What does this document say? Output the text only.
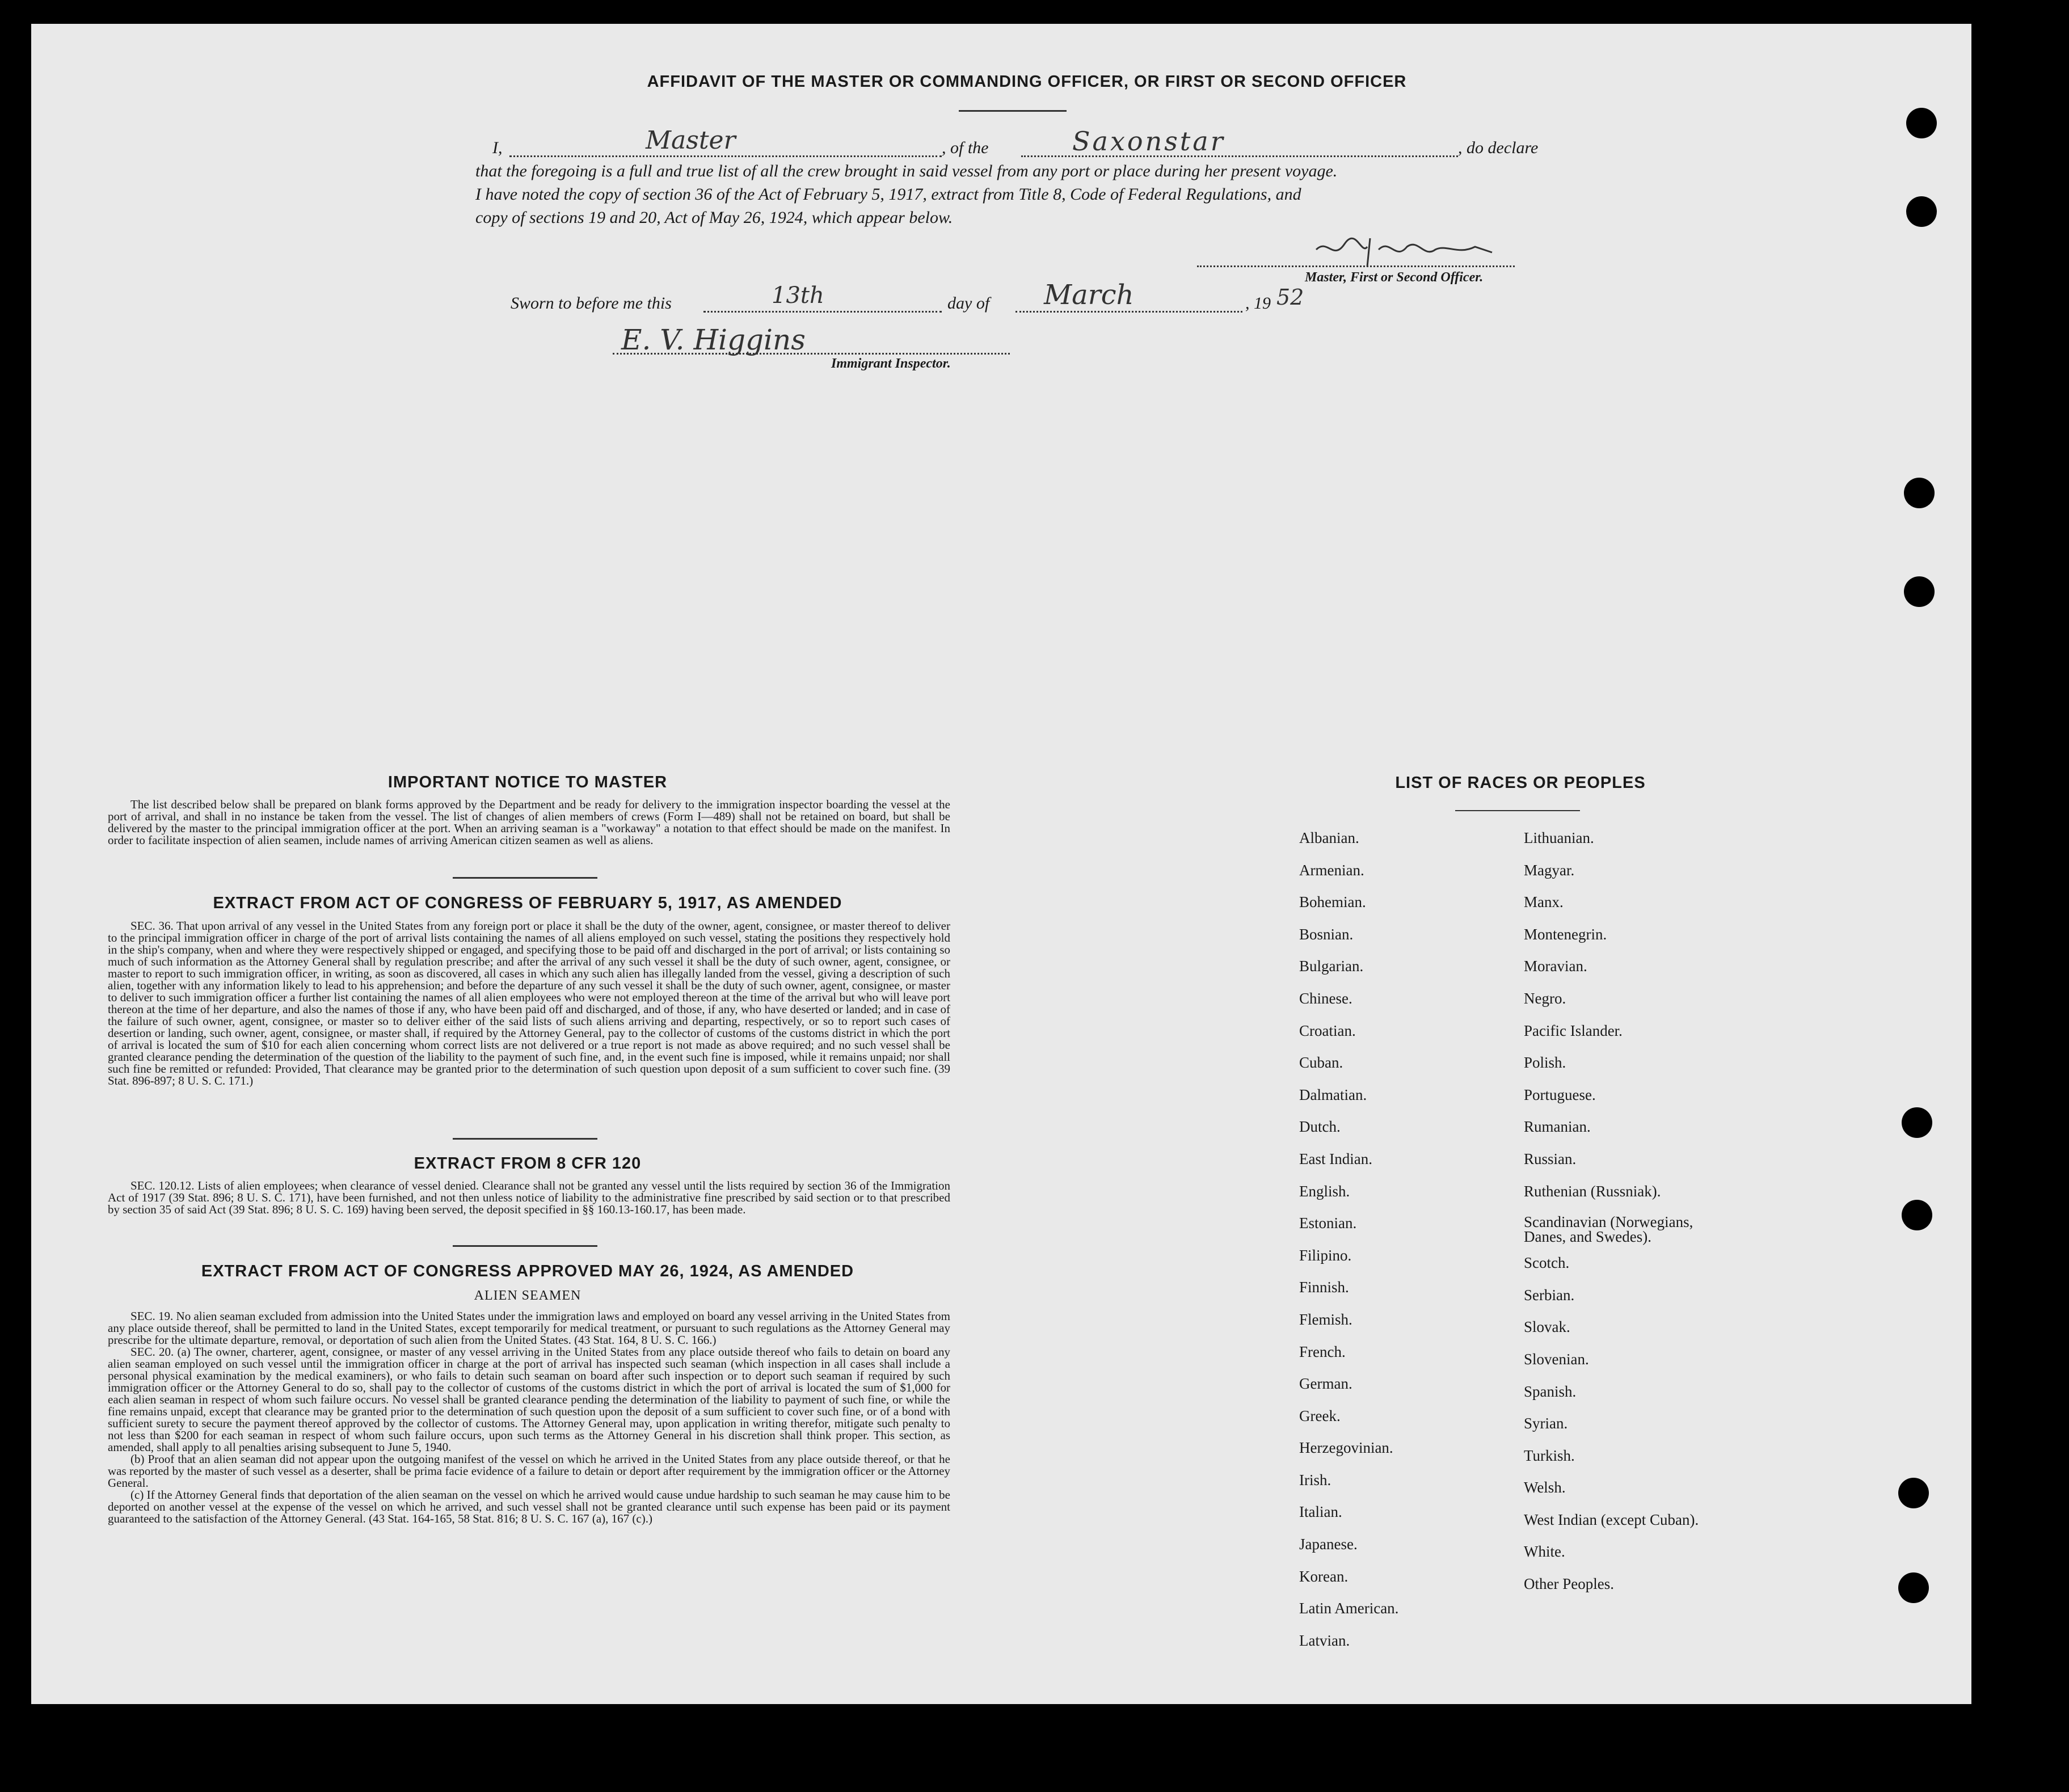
AFFIDAVIT OF THE MASTER OR COMMANDING OFFICER, OR FIRST OR SECOND OFFICER
I,	Master	, of the	Saxonstar	, do declare
that the foregoing is a full and true list of all the crew brought in said vessel from any port or place during her present voyage.
I have noted the copy of section 36 of the Act of February 5, 1917, extract from Title 8, Code of Federal Regulations, and
copy of sections 19 and 20, Act of May 26, 1924, which appear below.
Master, First or Second Officer.
Sworn to before me this	13th	day of March	, 19 52
E. V. Higgins
Immigrant Inspector.
IMPORTANT NOTICE TO MASTER
The list described below shall be prepared on blank forms approved by the Department and be ready for delivery to the immigration inspector boarding the vessel at the port of arrival, and shall in no instance be taken from the vessel. The list of changes of alien members of crews (Form I—489) shall not be retained on board, but shall be delivered by the master to the principal immigration officer at the port. When an arriving seaman is a "workaway" a notation to that effect should be made on the manifest. In order to facilitate inspection of alien seamen, include names of arriving American citizen seamen as well as aliens.
EXTRACT FROM ACT OF CONGRESS OF FEBRUARY 5, 1917, AS AMENDED
SEC. 36. That upon arrival of any vessel in the United States from any foreign port or place it shall be the duty of the owner, agent, consignee, or master thereof to deliver to the principal immigration officer in charge of the port of arrival lists containing the names of all aliens employed on such vessel, stating the positions they respectively hold in the ship's company, when and where they were respectively shipped or engaged, and specifying those to be paid off and discharged in the port of arrival; or lists containing so much of such information as the Attorney General shall by regulation prescribe; and after the arrival of any such vessel it shall be the duty of such owner, agent, consignee, or master to report to such immigration officer, in writing, as soon as discovered, all cases in which any such alien has illegally landed from the vessel, giving a description of such alien, together with any information likely to lead to his apprehension; and before the departure of any such vessel it shall be the duty of such owner, agent, consignee, or master to deliver to such immigration officer a further list containing the names of all alien employees who were not employed thereon at the time of the arrival but who will leave port thereon at the time of her departure, and also the names of those if any, who have been paid off and discharged, and of those, if any, who have deserted or landed; and in case of the failure of such owner, agent, consignee, or master so to deliver either of the said lists of such aliens arriving and departing, respectively, or so to report such cases of desertion or landing, such owner, agent, consignee, or master shall, if required by the Attorney General, pay to the collector of customs of the customs district in which the port of arrival is located the sum of $10 for each alien concerning whom correct lists are not delivered or a true report is not made as above required; and no such vessel shall be granted clearance pending the determination of the question of the liability to the payment of such fine, and, in the event such fine is imposed, while it remains unpaid; nor shall such fine be remitted or refunded: Provided, That clearance may be granted prior to the determination of such question upon deposit of a sum sufficient to cover such fine. (39 Stat. 896-897; 8 U. S. C. 171.)
EXTRACT FROM 8 CFR 120
SEC. 120.12. Lists of alien employees; when clearance of vessel denied. Clearance shall not be granted any vessel until the lists required by section 36 of the Immigration Act of 1917 (39 Stat. 896; 8 U. S. C. 171), have been furnished, and not then unless notice of liability to the administrative fine prescribed by said section or to that prescribed by section 35 of said Act (39 Stat. 896; 8 U. S. C. 169) having been served, the deposit specified in §§ 160.13-160.17, has been made.
EXTRACT FROM ACT OF CONGRESS APPROVED MAY 26, 1924, AS AMENDED
ALIEN SEAMEN
SEC. 19. No alien seaman excluded from admission into the United States under the immigration laws and employed on board any vessel arriving in the United States from any place outside thereof, shall be permitted to land in the United States, except temporarily for medical treatment, or pursuant to such regulations as the Attorney General may prescribe for the ultimate departure, removal, or deportation of such alien from the United States. (43 Stat. 164, 8 U. S. C. 166.)
SEC. 20. (a) The owner, charterer, agent, consignee, or master of any vessel arriving in the United States from any place outside thereof who fails to detain on board any alien seaman employed on such vessel until the immigration officer in charge at the port of arrival has inspected such seaman (which inspection in all cases shall include a personal physical examination by the medical examiners), or who fails to detain such seaman on board after such inspection or to deport such seaman if required by such immigration officer or the Attorney General to do so, shall pay to the collector of customs of the customs district in which the port of arrival is located the sum of $1,000 for each alien seaman in respect of whom such failure occurs. No vessel shall be granted clearance pending the determination of the liability to payment of such fine, or while the fine remains unpaid, except that clearance may be granted prior to the determination of such question upon the deposit of a sum sufficient to cover such fine, or of a bond with sufficient surety to secure the payment thereof approved by the collector of customs. The Attorney General may, upon application in writing therefor, mitigate such penalty to not less than $200 for each seaman in respect of whom such failure occurs, upon such terms as the Attorney General in his discretion shall think proper. This section, as amended, shall apply to all penalties arising subsequent to June 5, 1940.
(b) Proof that an alien seaman did not appear upon the outgoing manifest of the vessel on which he arrived in the United States from any place outside thereof, or that he was reported by the master of such vessel as a deserter, shall be prima facie evidence of a failure to detain or deport after requirement by the immigration officer or the Attorney General.
(c) If the Attorney General finds that deportation of the alien seaman on the vessel on which he arrived would cause undue hardship to such seaman he may cause him to be deported on another vessel at the expense of the vessel on which he arrived, and such vessel shall not be granted clearance until such expense has been paid or its payment guaranteed to the satisfaction of the Attorney General. (43 Stat. 164-165, 58 Stat. 816; 8 U. S. C. 167 (a), 167 (c).)
LIST OF RACES OR PEOPLES
Albanian.
Armenian.
Bohemian.
Bosnian.
Bulgarian.
Chinese.
Croatian.
Cuban.
Dalmatian.
Dutch.
East Indian.
English.
Estonian.
Filipino.
Finnish.
Flemish.
French.
German.
Greek.
Herzegovinian.
Irish.
Italian.
Japanese.
Korean.
Latin American.
Latvian.
Lithuanian.
Magyar.
Manx.
Montenegrin.
Moravian.
Negro.
Pacific Islander.
Polish.
Portuguese.
Rumanian.
Russian.
Ruthenian (Russniak).
Scandinavian (Norwegians, Danes, and Swedes).
Scotch.
Serbian.
Slovak.
Slovenian.
Spanish.
Syrian.
Turkish.
Welsh.
West Indian (except Cuban).
White.
Other Peoples.
